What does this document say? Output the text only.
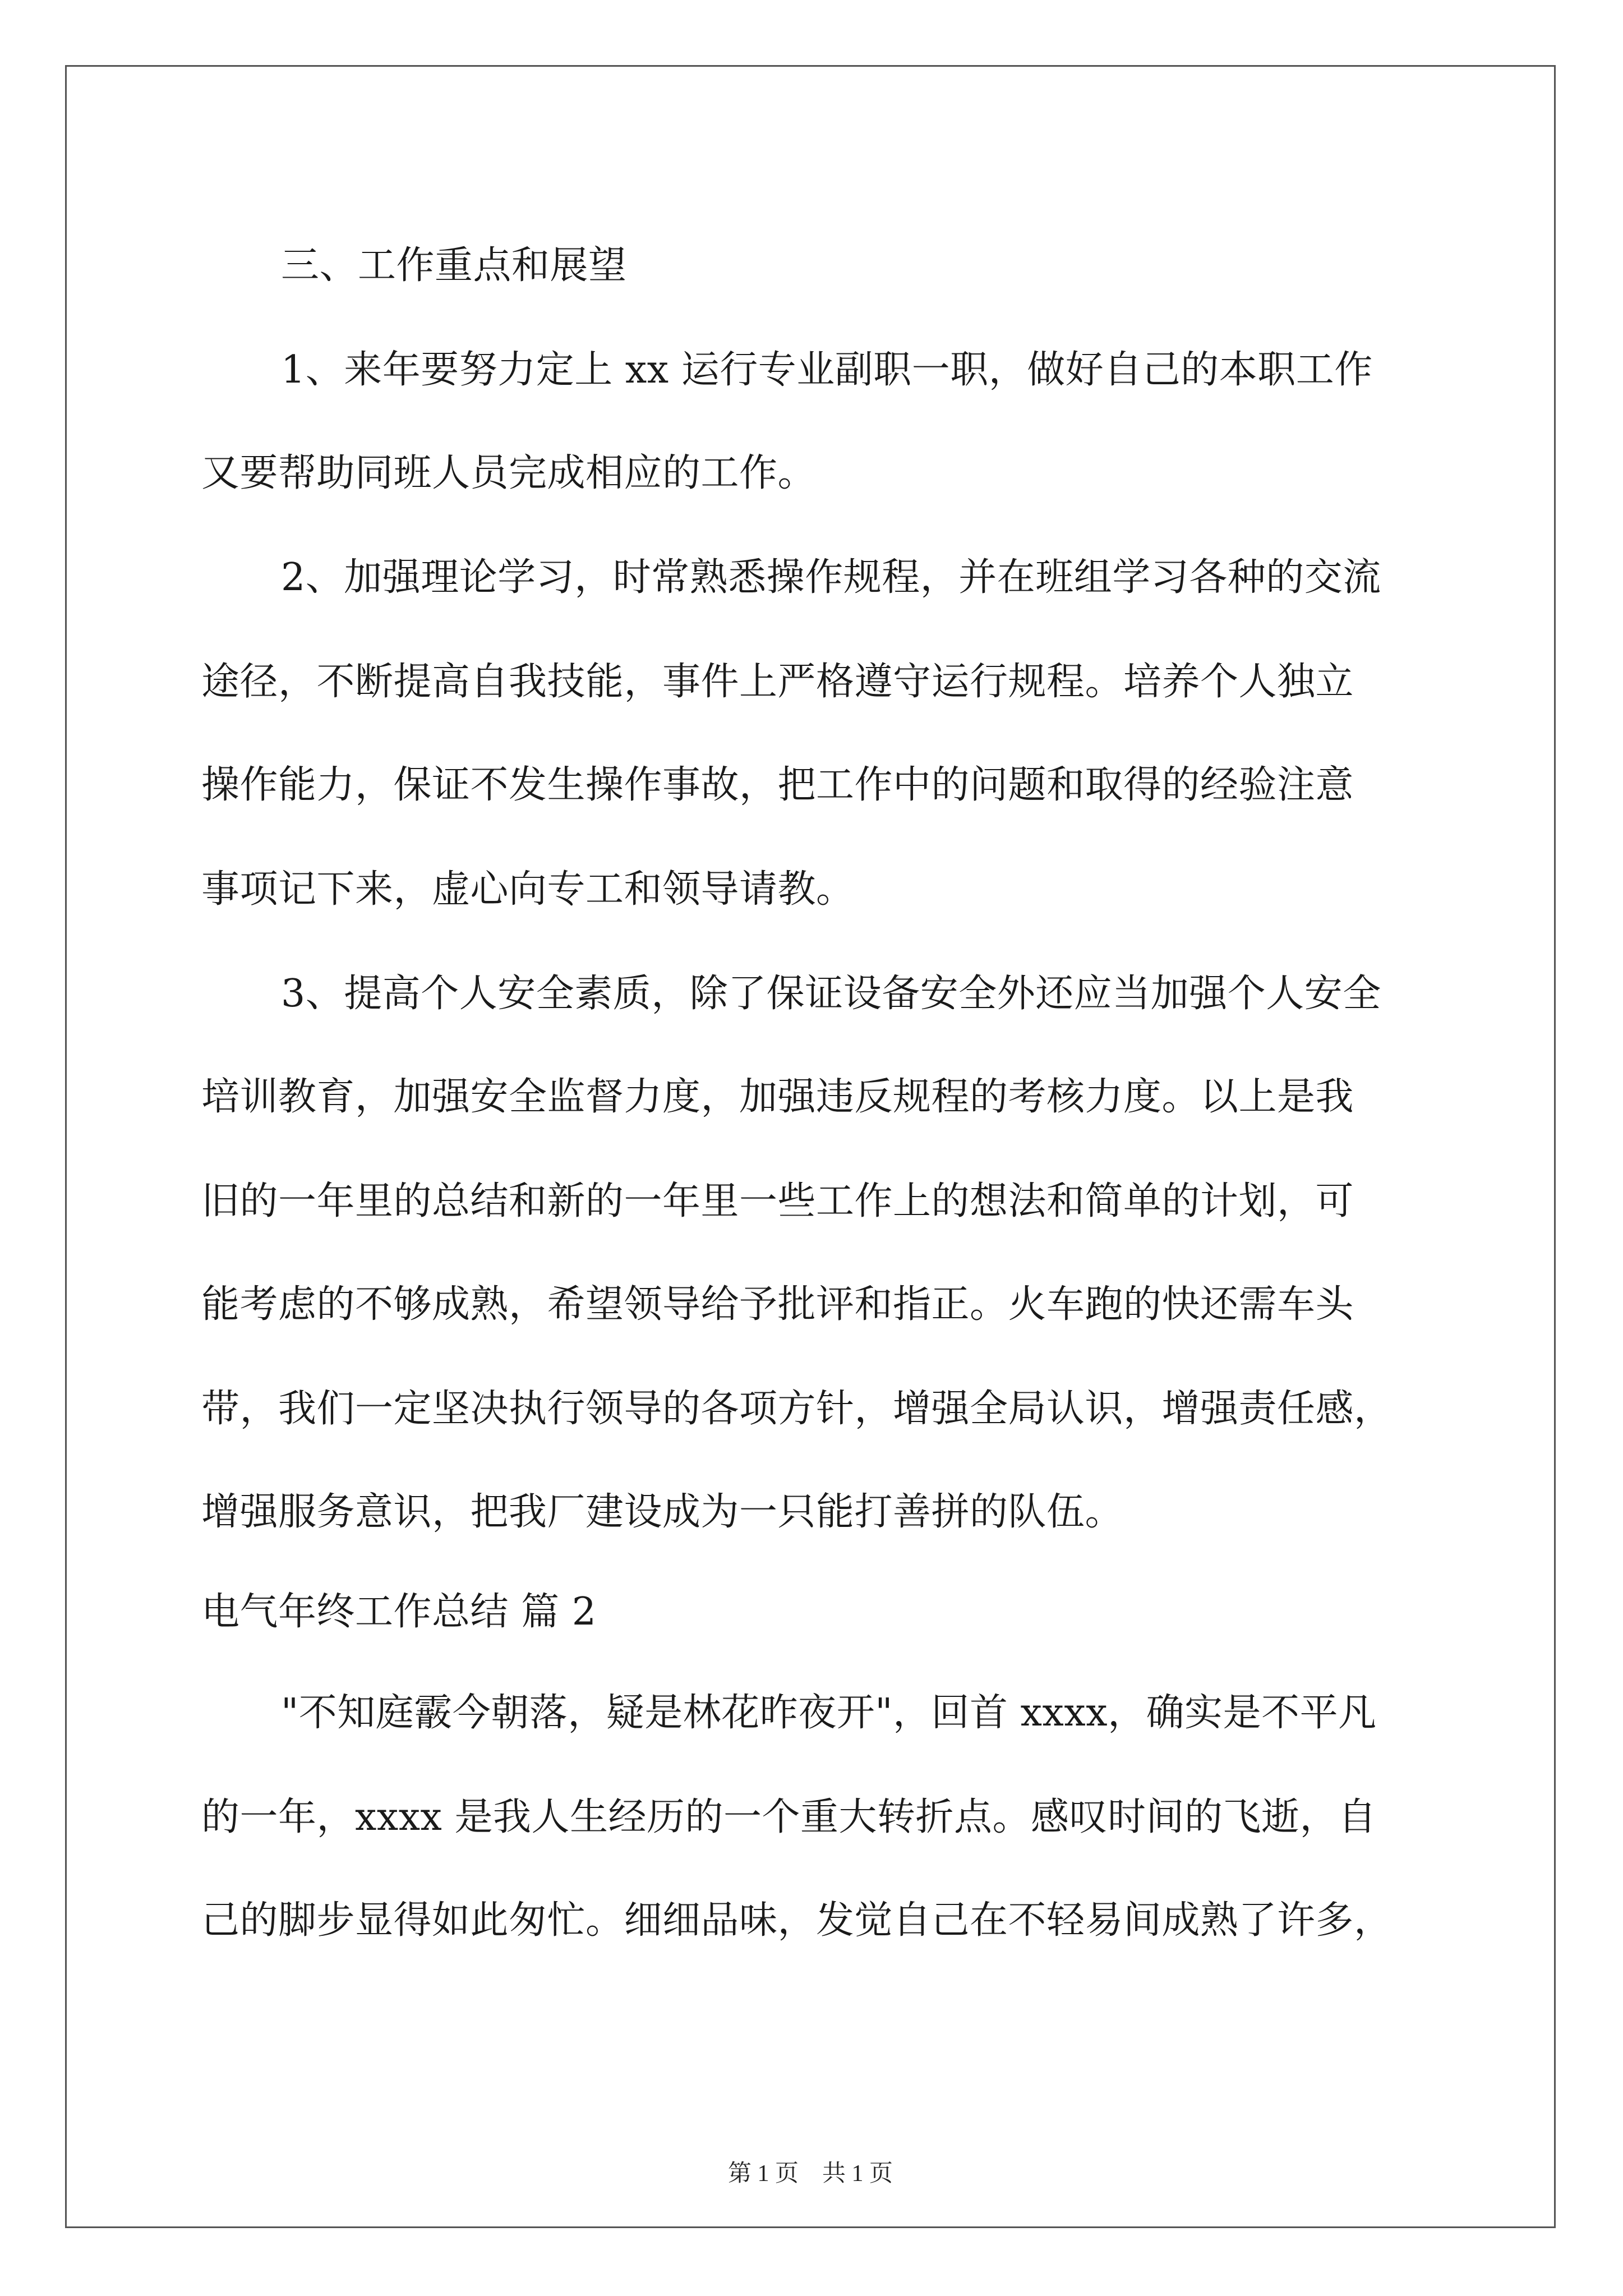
三、工作重点和展望
1、来年要努力定上 xx 运行专业副职一职，做好自己的本职工作
又要帮助同班人员完成相应的工作。
2、加强理论学习，时常熟悉操作规程，并在班组学习各种的交流
途径，不断提高自我技能，事件上严格遵守运行规程。培养个人独立
操作能力，保证不发生操作事故，把工作中的问题和取得的经验注意
事项记下来，虚心向专工和领导请教。
3、提高个人安全素质，除了保证设备安全外还应当加强个人安全
培训教育，加强安全监督力度，加强违反规程的考核力度。以上是我
旧的一年里的总结和新的一年里一些工作上的想法和简单的计划，可
能考虑的不够成熟，希望领导给予批评和指正。火车跑的快还需车头
带，我们一定坚决执行领导的各项方针，增强全局认识，增强责任感，
增强服务意识，把我厂建设成为一只能打善拼的队伍。
电气年终工作总结 篇 2
"不知庭霰今朝落，疑是林花昨夜开"，回首 xxxx，确实是不平凡
的一年，xxxx 是我人生经历的一个重大转折点。感叹时间的飞逝，自
己的脚步显得如此匆忙。细细品味，发觉自己在不轻易间成熟了许多，
第 1 页　共 1 页
